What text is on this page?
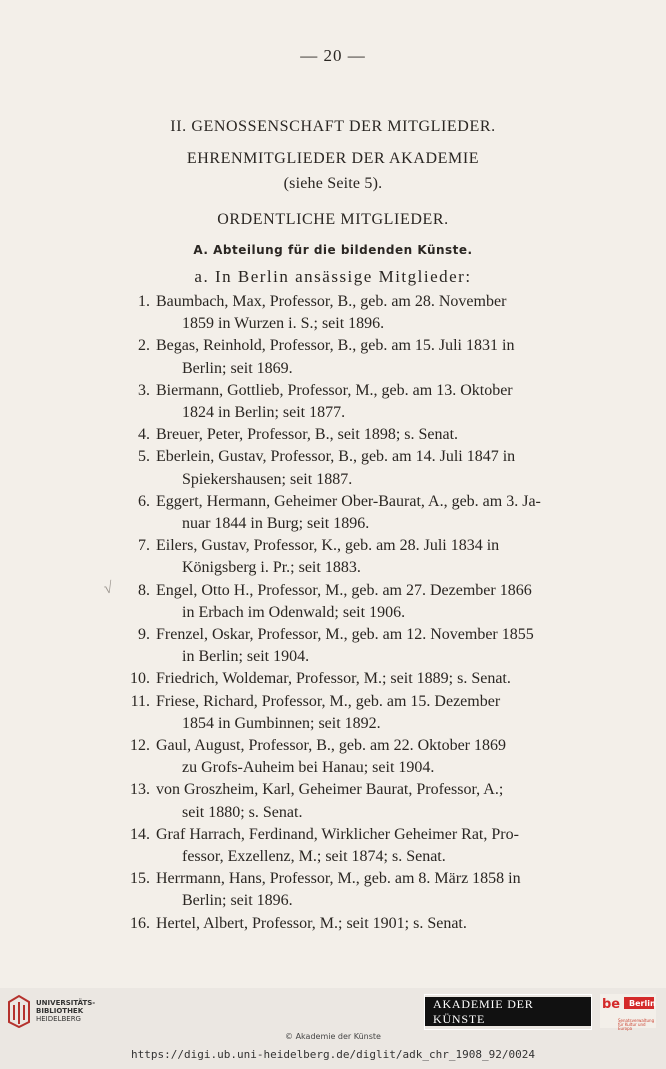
— 20 —
II. GENOSSENSCHAFT DER MITGLIEDER.
EHRENMITGLIEDER DER AKADEMIE
(siehe Seite 5).
ORDENTLICHE MITGLIEDER.
A. Abteilung für die bildenden Künste.
a. In Berlin ansässige Mitglieder:
√
1. Baumbach, Max, Professor, B., geb. am 28. November
1859 in Wurzen i. S.; seit 1896.
2. Begas, Reinhold, Professor, B., geb. am 15. Juli 1831 in
Berlin; seit 1869.
3. Biermann, Gottlieb, Professor, M., geb. am 13. Oktober
1824 in Berlin; seit 1877.
4. Breuer, Peter, Professor, B., seit 1898; s. Senat.
5. Eberlein, Gustav, Professor, B., geb. am 14. Juli 1847 in
Spiekershausen; seit 1887.
6. Eggert, Hermann, Geheimer Ober-Baurat, A., geb. am 3. Ja-
nuar 1844 in Burg; seit 1896.
7. Eilers, Gustav, Professor, K., geb. am 28. Juli 1834 in
Königsberg i. Pr.; seit 1883.
8. Engel, Otto H., Professor, M., geb. am 27. Dezember 1866
in Erbach im Odenwald; seit 1906.
9. Frenzel, Oskar, Professor, M., geb. am 12. November 1855
in Berlin; seit 1904.
10. Friedrich, Woldemar, Professor, M.; seit 1889; s. Senat.
11. Friese, Richard, Professor, M., geb. am 15. Dezember
1854 in Gumbinnen; seit 1892.
12. Gaul, August, Professor, B., geb. am 22. Oktober 1869
zu Grofs-Auheim bei Hanau; seit 1904.
13. von Groszheim, Karl, Geheimer Baurat, Professor, A.;
seit 1880; s. Senat.
14. Graf Harrach, Ferdinand, Wirklicher Geheimer Rat, Pro-
fessor, Exzellenz, M.; seit 1874; s. Senat.
15. Herrmann, Hans, Professor, M., geb. am 8. März 1858 in
Berlin; seit 1896.
16. Hertel, Albert, Professor, M.; seit 1901; s. Senat.
UNIVERSITÄTS-
BIBLIOTHEK
HEIDELBERG
AKADEMIE DER KÜNSTE
be Berlin
Senatsverwaltung für Kultur und Europa
© Akademie der Künste
https://digi.ub.uni-heidelberg.de/diglit/adk_chr_1908_92/0024
